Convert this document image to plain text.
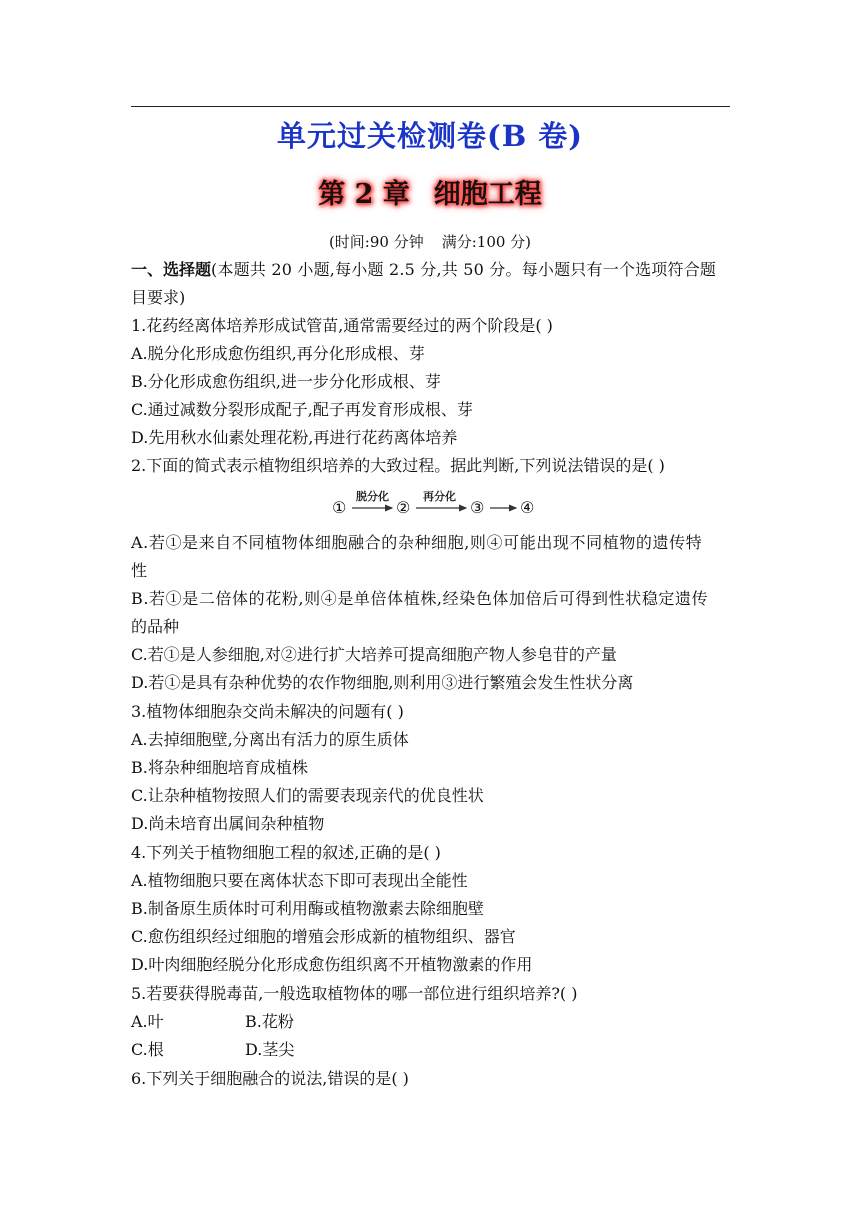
单元过关检测卷(B 卷)
第 2 章 细胞工程
(时间:90 分钟 满分:100 分)
一、选择题(本题共 20 小题,每小题 2.5 分,共 50 分。每小题只有一个选项符合题
目要求)
1.花药经离体培养形成试管苗,通常需要经过的两个阶段是( )
A.脱分化形成愈伤组织,再分化形成根、芽
B.分化形成愈伤组织,进一步分化形成根、芽
C.通过减数分裂形成配子,配子再发育形成根、芽
D.先用秋水仙素处理花粉,再进行花药离体培养
2.下面的简式表示植物组织培养的大致过程。据此判断,下列说法错误的是( )
①
脱分化
②
再分化
③ ④
A.若①是来自不同植物体细胞融合的杂种细胞,则④可能出现不同植物的遗传特
性
B.若①是二倍体的花粉,则④是单倍体植株,经染色体加倍后可得到性状稳定遗传
的品种
C.若①是人参细胞,对②进行扩大培养可提高细胞产物人参皂苷的产量
D.若①是具有杂种优势的农作物细胞,则利用③进行繁殖会发生性状分离
3.植物体细胞杂交尚未解决的问题有( )
A.去掉细胞壁,分离出有活力的原生质体
B.将杂种细胞培育成植株
C.让杂种植物按照人们的需要表现亲代的优良性状
D.尚未培育出属间杂种植物
4.下列关于植物细胞工程的叙述,正确的是( )
A.植物细胞只要在离体状态下即可表现出全能性
B.制备原生质体时可利用酶或植物激素去除细胞壁
C.愈伤组织经过细胞的增殖会形成新的植物组织、器官
D.叶肉细胞经脱分化形成愈伤组织离不开植物激素的作用
5.若要获得脱毒苗,一般选取植物体的哪一部位进行组织培养?( )
A.叶	B.花粉
C.根	D.茎尖
6.下列关于细胞融合的说法,错误的是( )
